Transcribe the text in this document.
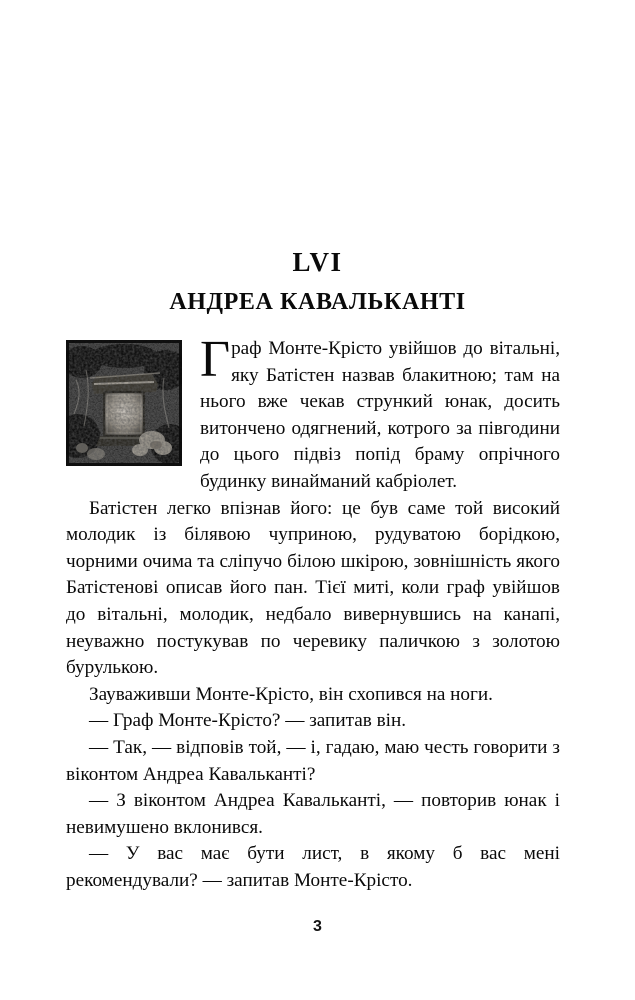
LVI
АНДРЕА КАВАЛЬКАНТІ

Граф Монте-Крісто увійшов до вітальні, яку Батістен назвав блакитною; там на нього вже чекав стрункий юнак, досить витончено одягнений, котрого за півгодини до цього підвіз попід браму опрічного будинку винайманий кабріолет.

Батістен легко впізнав його: це був саме той високий молодик із білявою чуприною, рудуватою борідкою, чорними очима та сліпучо білою шкірою, зовнішність якого Батістенові описав його пан. Тієї миті, коли граф увійшов до вітальні, молодик, недбало вивернувшись на канапі, неуважно постукував по черевику паличкою з золотою бурулькою.

Зауваживши Монте-Крісто, він схопився на ноги.

— Граф Монте-Крісто? — запитав він.

— Так, — відповів той, — і, гадаю, маю честь говорити з віконтом Андреа Кавальканті?

— З віконтом Андреа Кавальканті, — повторив юнак і невимушено вклонився.

— У вас має бути лист, в якому б вас мені рекомендували? — запитав Монте-Крісто.

3
